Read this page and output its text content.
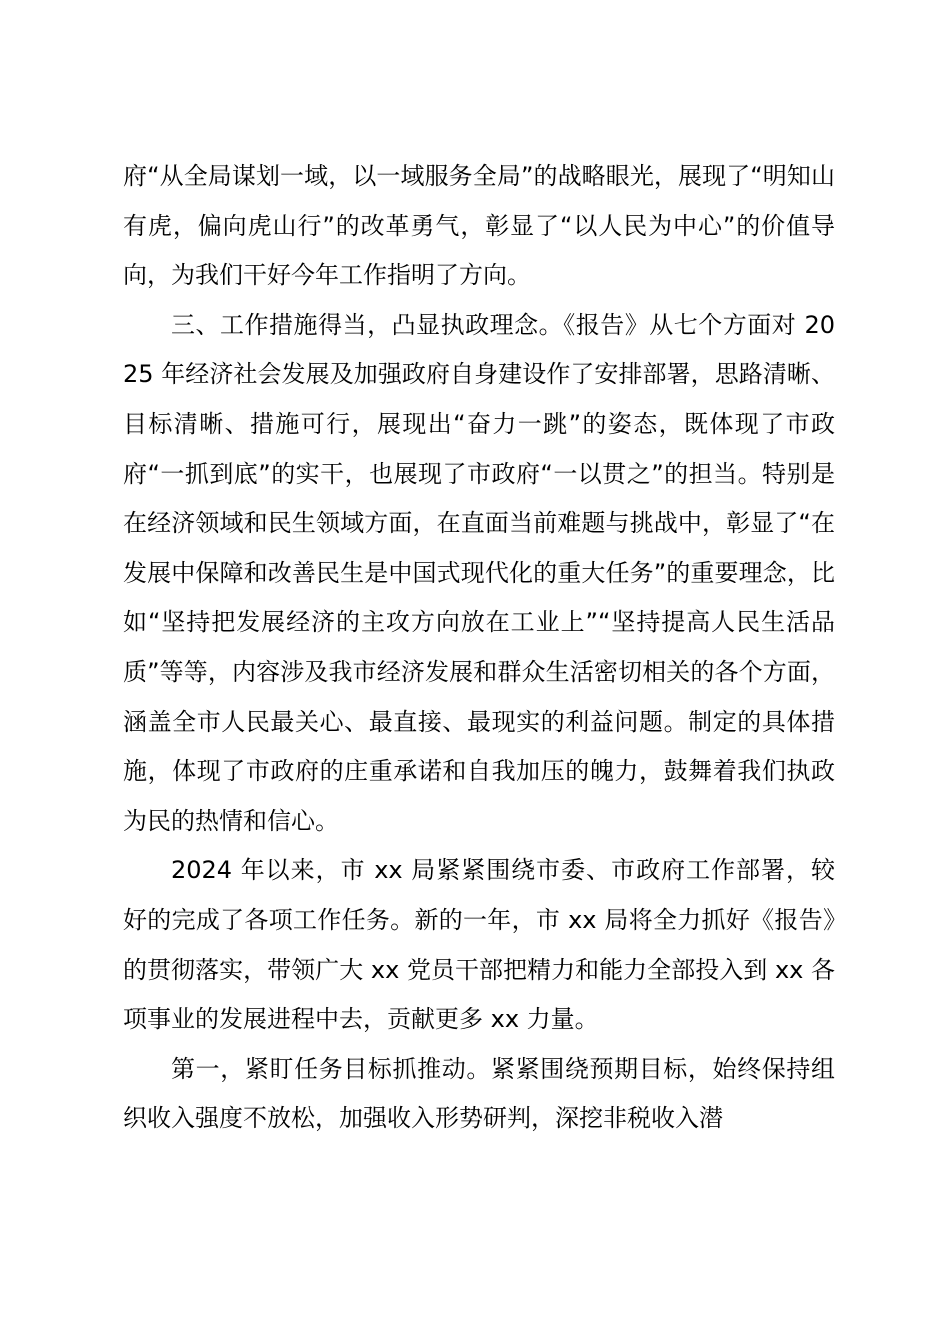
府“从全局谋划一域，以一域服务全局”的战略眼光，展现了“明知山有虎，偏向虎山行”的改革勇气，彰显了“以人民为中心”的价值导向，为我们干好今年工作指明了方向。

三、工作措施得当，凸显执政理念。《报告》从七个方面对 2025 年经济社会发展及加强政府自身建设作了安排部署，思路清晰、目标清晰、措施可行，展现出“奋力一跳”的姿态，既体现了市政府“一抓到底”的实干，也展现了市政府“一以贯之”的担当。特别是在经济领域和民生领域方面，在直面当前难题与挑战中，彰显了“在发展中保障和改善民生是中国式现代化的重大任务”的重要理念，比如“坚持把发展经济的主攻方向放在工业上”“坚持提高人民生活品质”等等，内容涉及我市经济发展和群众生活密切相关的各个方面，涵盖全市人民最关心、最直接、最现实的利益问题。制定的具体措施，体现了市政府的庄重承诺和自我加压的魄力，鼓舞着我们执政为民的热情和信心。

2024 年以来，市 xx 局紧紧围绕市委、市政府工作部署，较好的完成了各项工作任务。新的一年，市 xx 局将全力抓好《报告》的贯彻落实，带领广大 xx 党员干部把精力和能力全部投入到 xx 各项事业的发展进程中去，贡献更多 xx 力量。

第一，紧盯任务目标抓推动。紧紧围绕预期目标，始终保持组织收入强度不放松，加强收入形势研判，深挖非税收入潜
